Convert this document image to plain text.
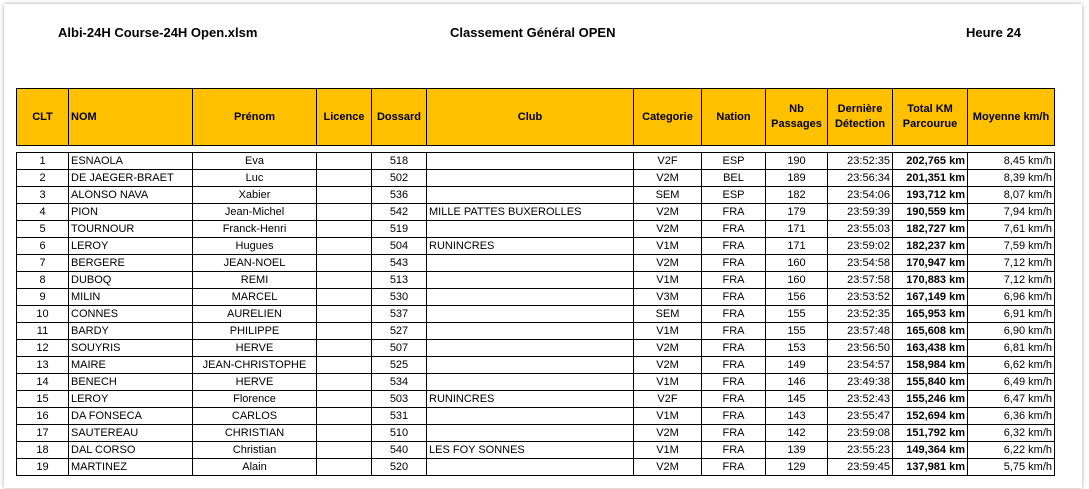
Albi-24H Course-24H Open.xlsm	Classement Général OPEN	Heure 24
CLT	NOM	Prénom	Licence	Dossard	Club	Categorie	Nation	Nb Passages	Dernière Détection	Total KM Parcourue	Moyenne km/h

1	ESNAOLA	Eva		518		V2F	ESP	190	23:52:35	202,765 km	8,45 km/h
2	DE JAEGER-BRAET	Luc		502		V2M	BEL	189	23:56:34	201,351 km	8,39 km/h
3	ALONSO NAVA	Xabier		536		SEM	ESP	182	23:54:06	193,712 km	8,07 km/h
4	PION	Jean-Michel		542	MILLE PATTES BUXEROLLES	V2M	FRA	179	23:59:39	190,559 km	7,94 km/h
5	TOURNOUR	Franck-Henri		519		V2M	FRA	171	23:55:03	182,727 km	7,61 km/h
6	LEROY	Hugues		504	RUNINCRES	V1M	FRA	171	23:59:02	182,237 km	7,59 km/h
7	BERGERE	JEAN-NOEL		543		V2M	FRA	160	23:54:58	170,947 km	7,12 km/h
8	DUBOQ	REMI		513		V1M	FRA	160	23:57:58	170,883 km	7,12 km/h
9	MILIN	MARCEL		530		V3M	FRA	156	23:53:52	167,149 km	6,96 km/h
10	CONNES	AURELIEN		537		SEM	FRA	155	23:52:35	165,953 km	6,91 km/h
11	BARDY	PHILIPPE		527		V1M	FRA	155	23:57:48	165,608 km	6,90 km/h
12	SOUYRIS	HERVE		507		V2M	FRA	153	23:56:50	163,438 km	6,81 km/h
13	MAIRE	JEAN-CHRISTOPHE		525		V2M	FRA	149	23:54:57	158,984 km	6,62 km/h
14	BENECH	HERVE		534		V1M	FRA	146	23:49:38	155,840 km	6,49 km/h
15	LEROY	Florence		503	RUNINCRES	V2F	FRA	145	23:52:43	155,246 km	6,47 km/h
16	DA FONSECA	CARLOS		531		V1M	FRA	143	23:55:47	152,694 km	6,36 km/h
17	SAUTEREAU	CHRISTIAN		510		V2M	FRA	142	23:59:08	151,792 km	6,32 km/h
18	DAL CORSO	Christian		540	LES FOY SONNES	V1M	FRA	139	23:55:23	149,364 km	6,22 km/h
19	MARTINEZ	Alain		520		V2M	FRA	129	23:59:45	137,981 km	5,75 km/h
